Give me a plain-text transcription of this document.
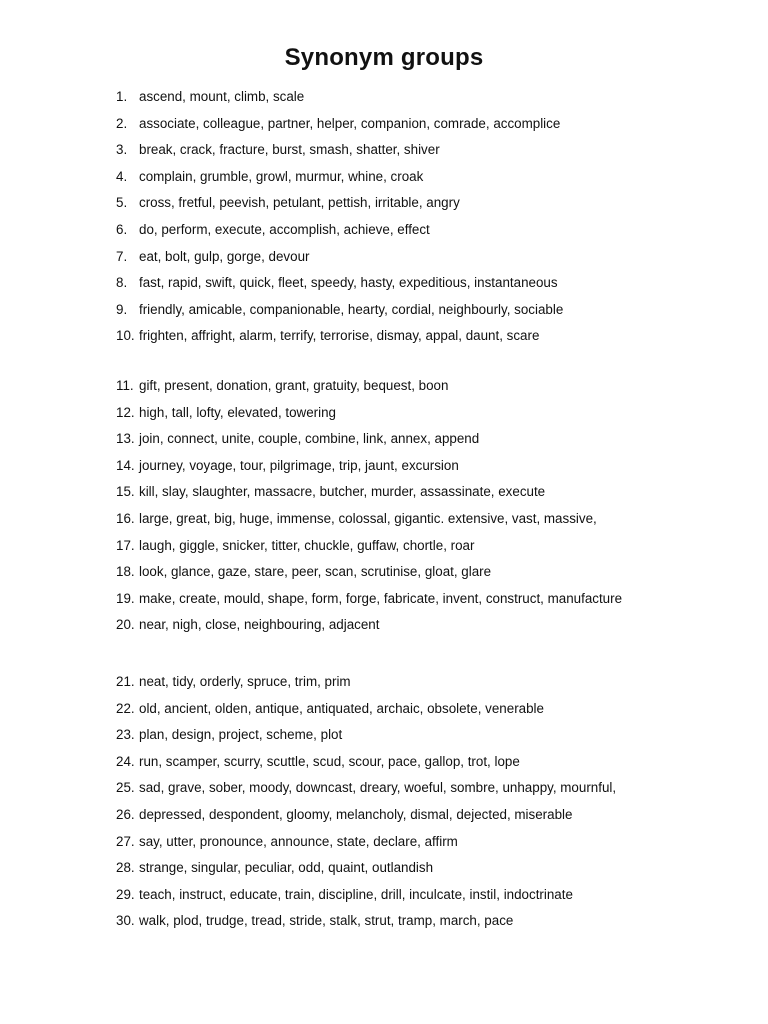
Synonym groups
1. ascend, mount, climb, scale
2. associate, colleague, partner, helper, companion, comrade, accomplice
3. break, crack, fracture, burst, smash, shatter, shiver
4. complain, grumble, growl, murmur, whine, croak
5. cross, fretful, peevish, petulant, pettish, irritable, angry
6. do, perform, execute, accomplish, achieve, effect
7. eat, bolt, gulp, gorge, devour
8. fast, rapid, swift, quick, fleet, speedy, hasty, expeditious, instantaneous
9. friendly, amicable, companionable, hearty, cordial, neighbourly, sociable
10. frighten, affright, alarm, terrify, terrorise, dismay, appal, daunt, scare
11. gift, present, donation, grant, gratuity, bequest, boon
12. high, tall, lofty, elevated, towering
13. join, connect, unite, couple, combine, link, annex, append
14. journey, voyage, tour, pilgrimage, trip, jaunt, excursion
15. kill, slay, slaughter, massacre, butcher, murder, assassinate, execute
16. large, great, big, huge, immense, colossal, gigantic. extensive, vast, massive,
17. laugh, giggle, snicker, titter, chuckle, guffaw, chortle, roar
18. look, glance, gaze, stare, peer, scan, scrutinise, gloat, glare
19. make, create, mould, shape, form, forge, fabricate, invent, construct, manufacture
20. near, nigh, close, neighbouring, adjacent
21. neat, tidy, orderly, spruce, trim, prim
22. old, ancient, olden, antique, antiquated, archaic, obsolete, venerable
23. plan, design, project, scheme, plot
24. run, scamper, scurry, scuttle, scud, scour, pace, gallop, trot, lope
25. sad, grave, sober, moody, downcast, dreary, woeful, sombre, unhappy, mournful,
26. depressed, despondent, gloomy, melancholy, dismal, dejected, miserable
27. say, utter, pronounce, announce, state, declare, affirm
28. strange, singular, peculiar, odd, quaint, outlandish
29. teach, instruct, educate, train, discipline, drill, inculcate, instil, indoctrinate
30. walk, plod, trudge, tread, stride, stalk, strut, tramp, march, pace
